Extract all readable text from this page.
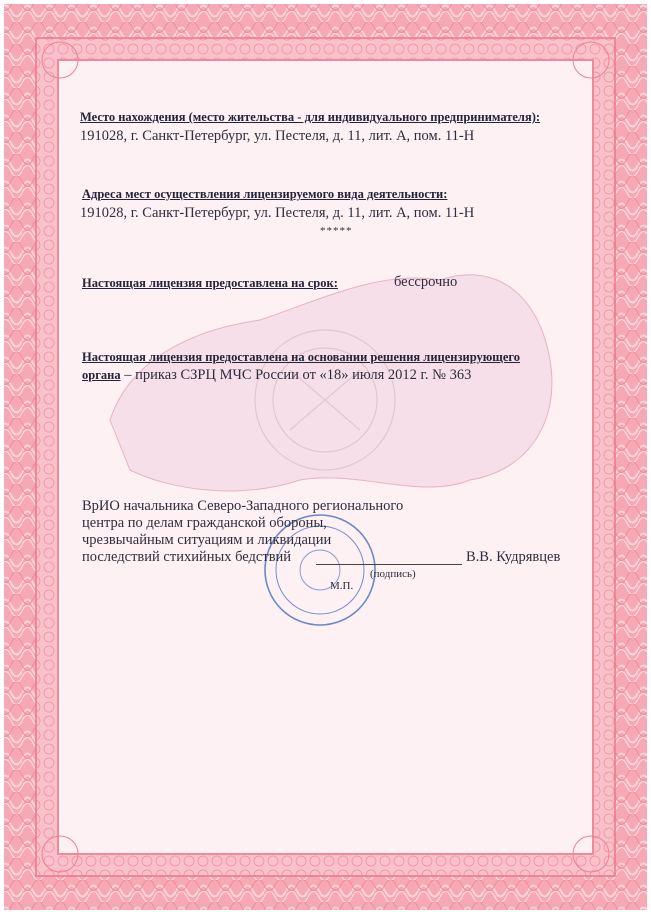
Место нахождения (место жительства - для индивидуального предпринимателя):
191028, г. Санкт-Петербург, ул. Пестеля, д. 11, лит. А, пом. 11-Н
Адреса мест осуществления лицензируемого вида деятельности:
191028, г. Санкт-Петербург, ул. Пестеля, д. 11, лит. А, пом. 11-Н
*****
Настоящая лицензия предоставлена на срок:	бессрочно
Настоящая лицензия предоставлена на основании решения лицензирующего
органа – приказ СЗРЦ МЧС России от «18» июля 2012 г. № 363
ВрИО начальника Северо-Западного регионального
центра по делам гражданской обороны,
чрезвычайным ситуациям и ликвидации
последствий стихийных бедствий	В.В. Кудрявцев
(подпись)
М.П.
